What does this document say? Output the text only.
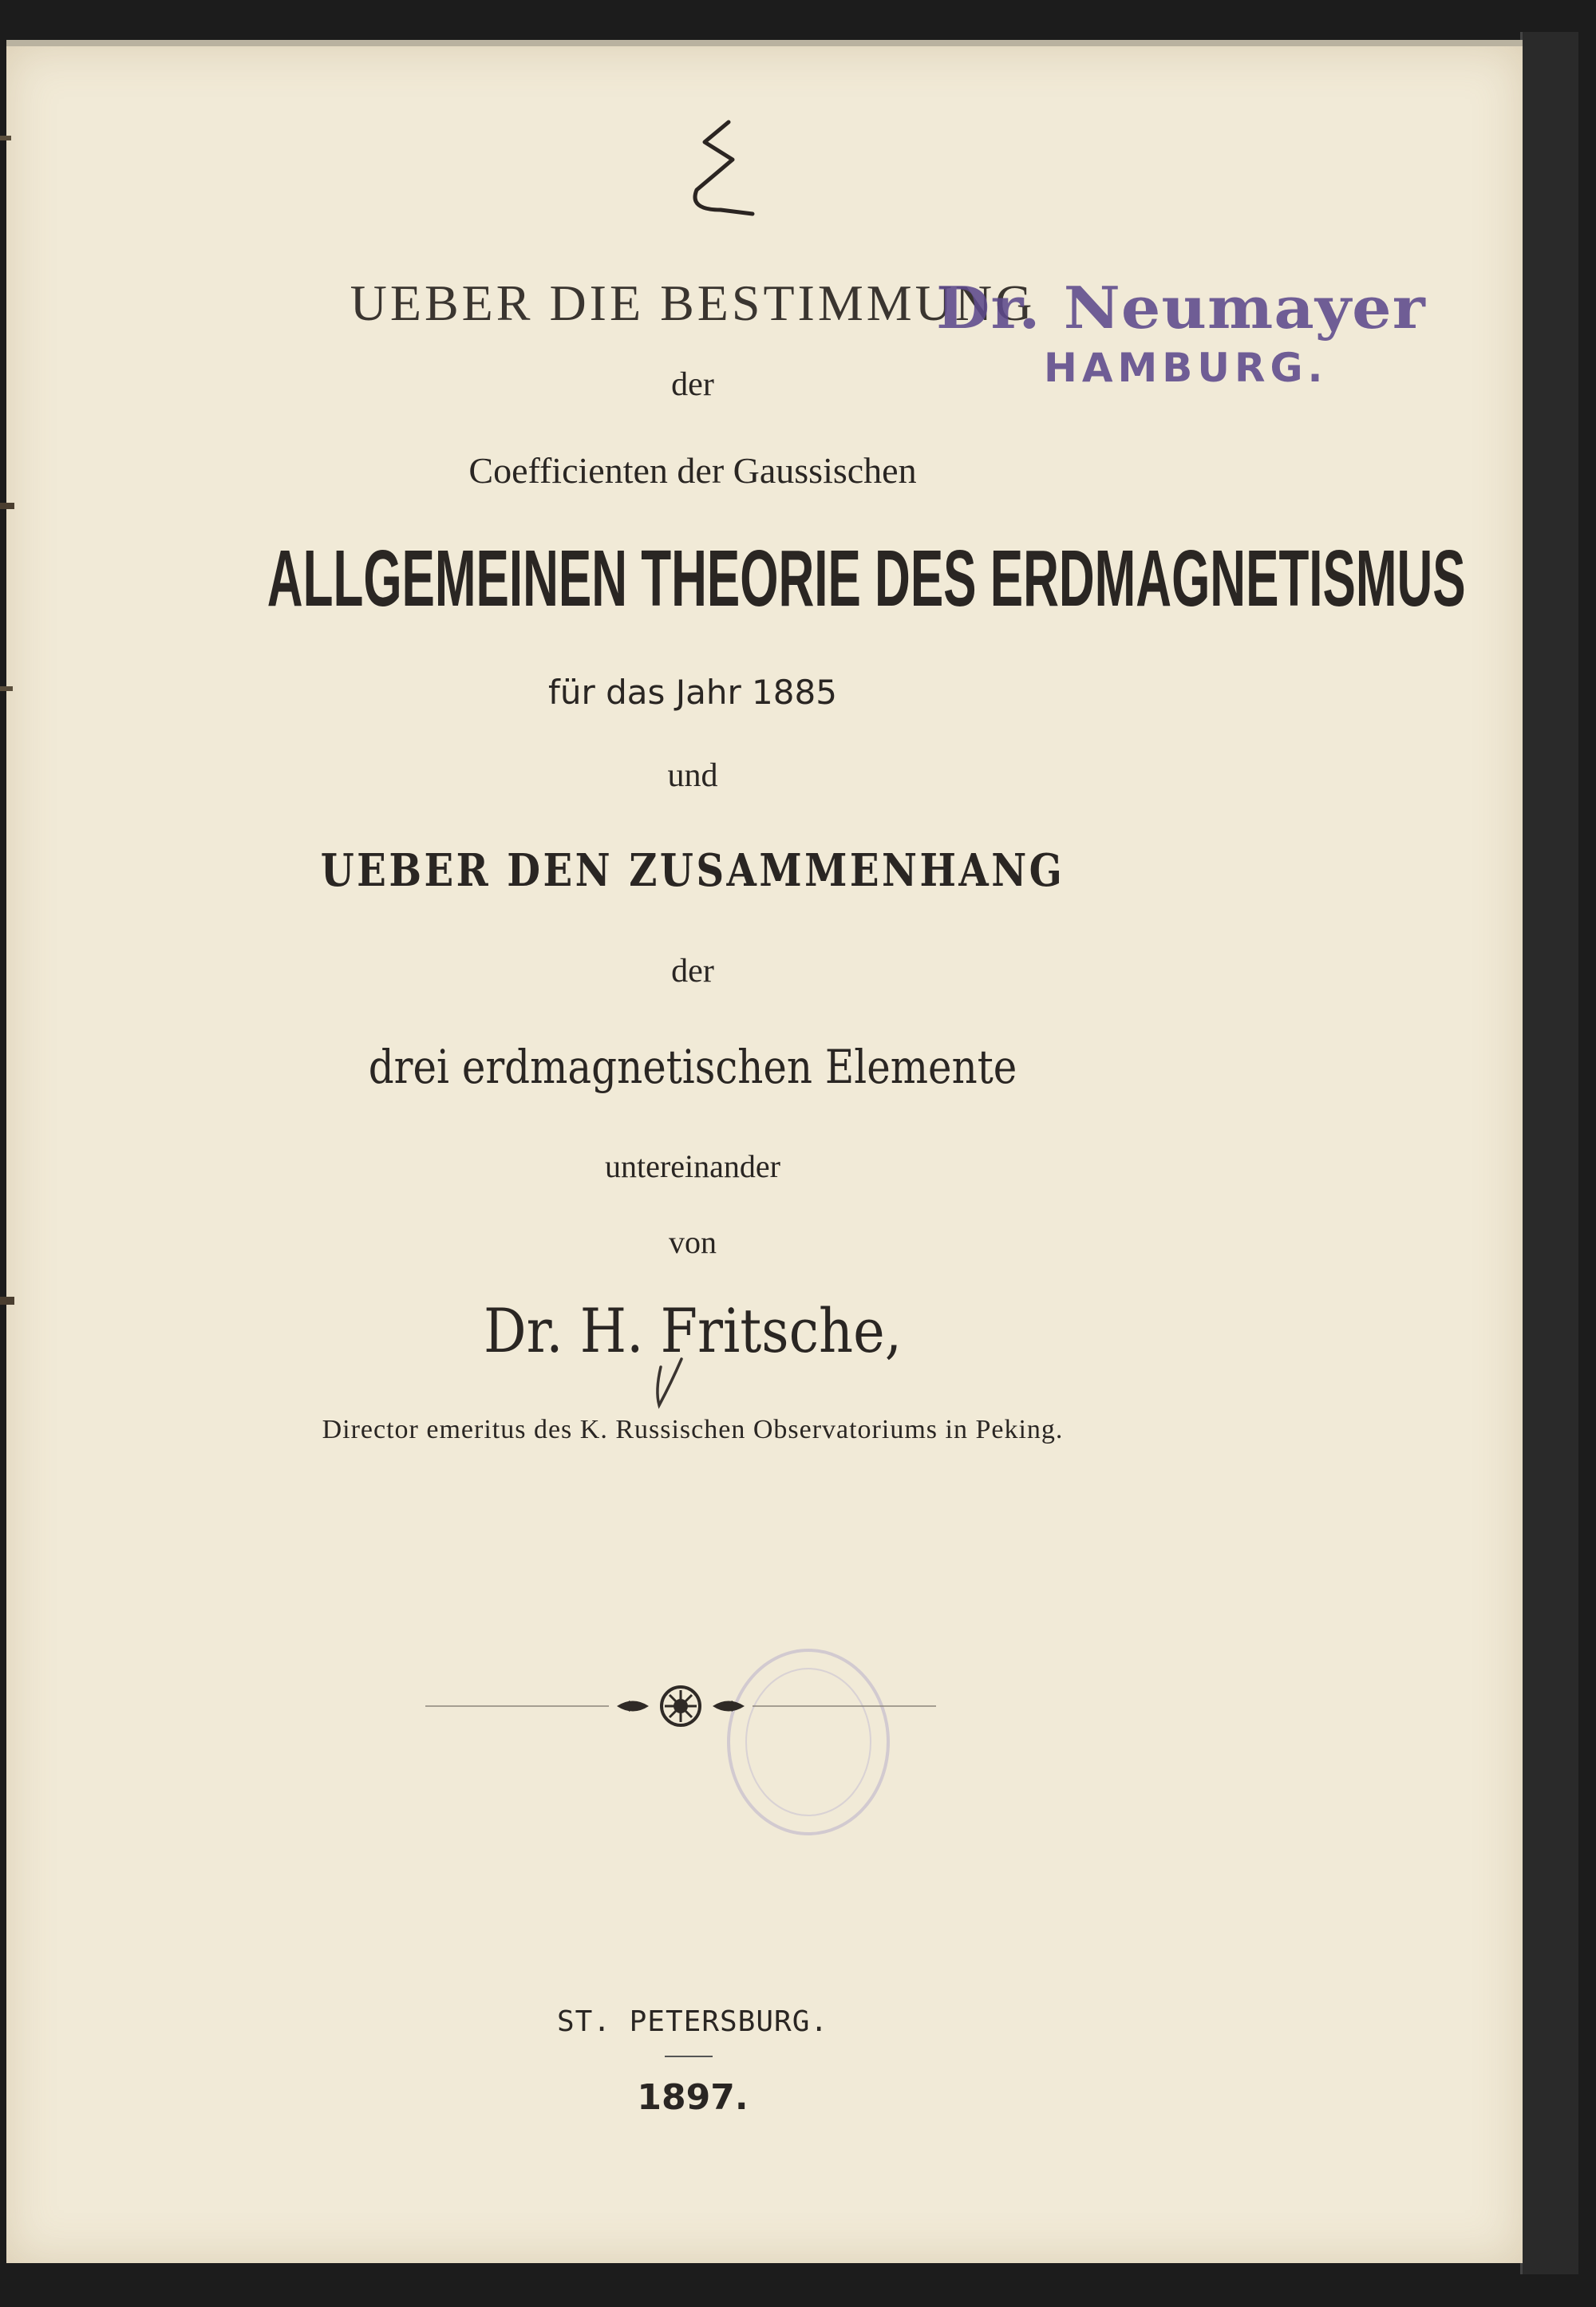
UEBER DIE BESTIMMUNG
der
Coefficienten der Gaussischen
ALLGEMEINEN THEORIE DES ERDMAGNETISMUS
für das Jahr 1885
und
UEBER DEN ZUSAMMENHANG
der
drei erdmagnetischen Elemente
untereinander
von
Dr. H. Fritsche,
Director emeritus des K. Russischen Observatoriums in Peking.
ST. PETERSBURG.
1897.
Dr. Neumayer
HAMBURG.
